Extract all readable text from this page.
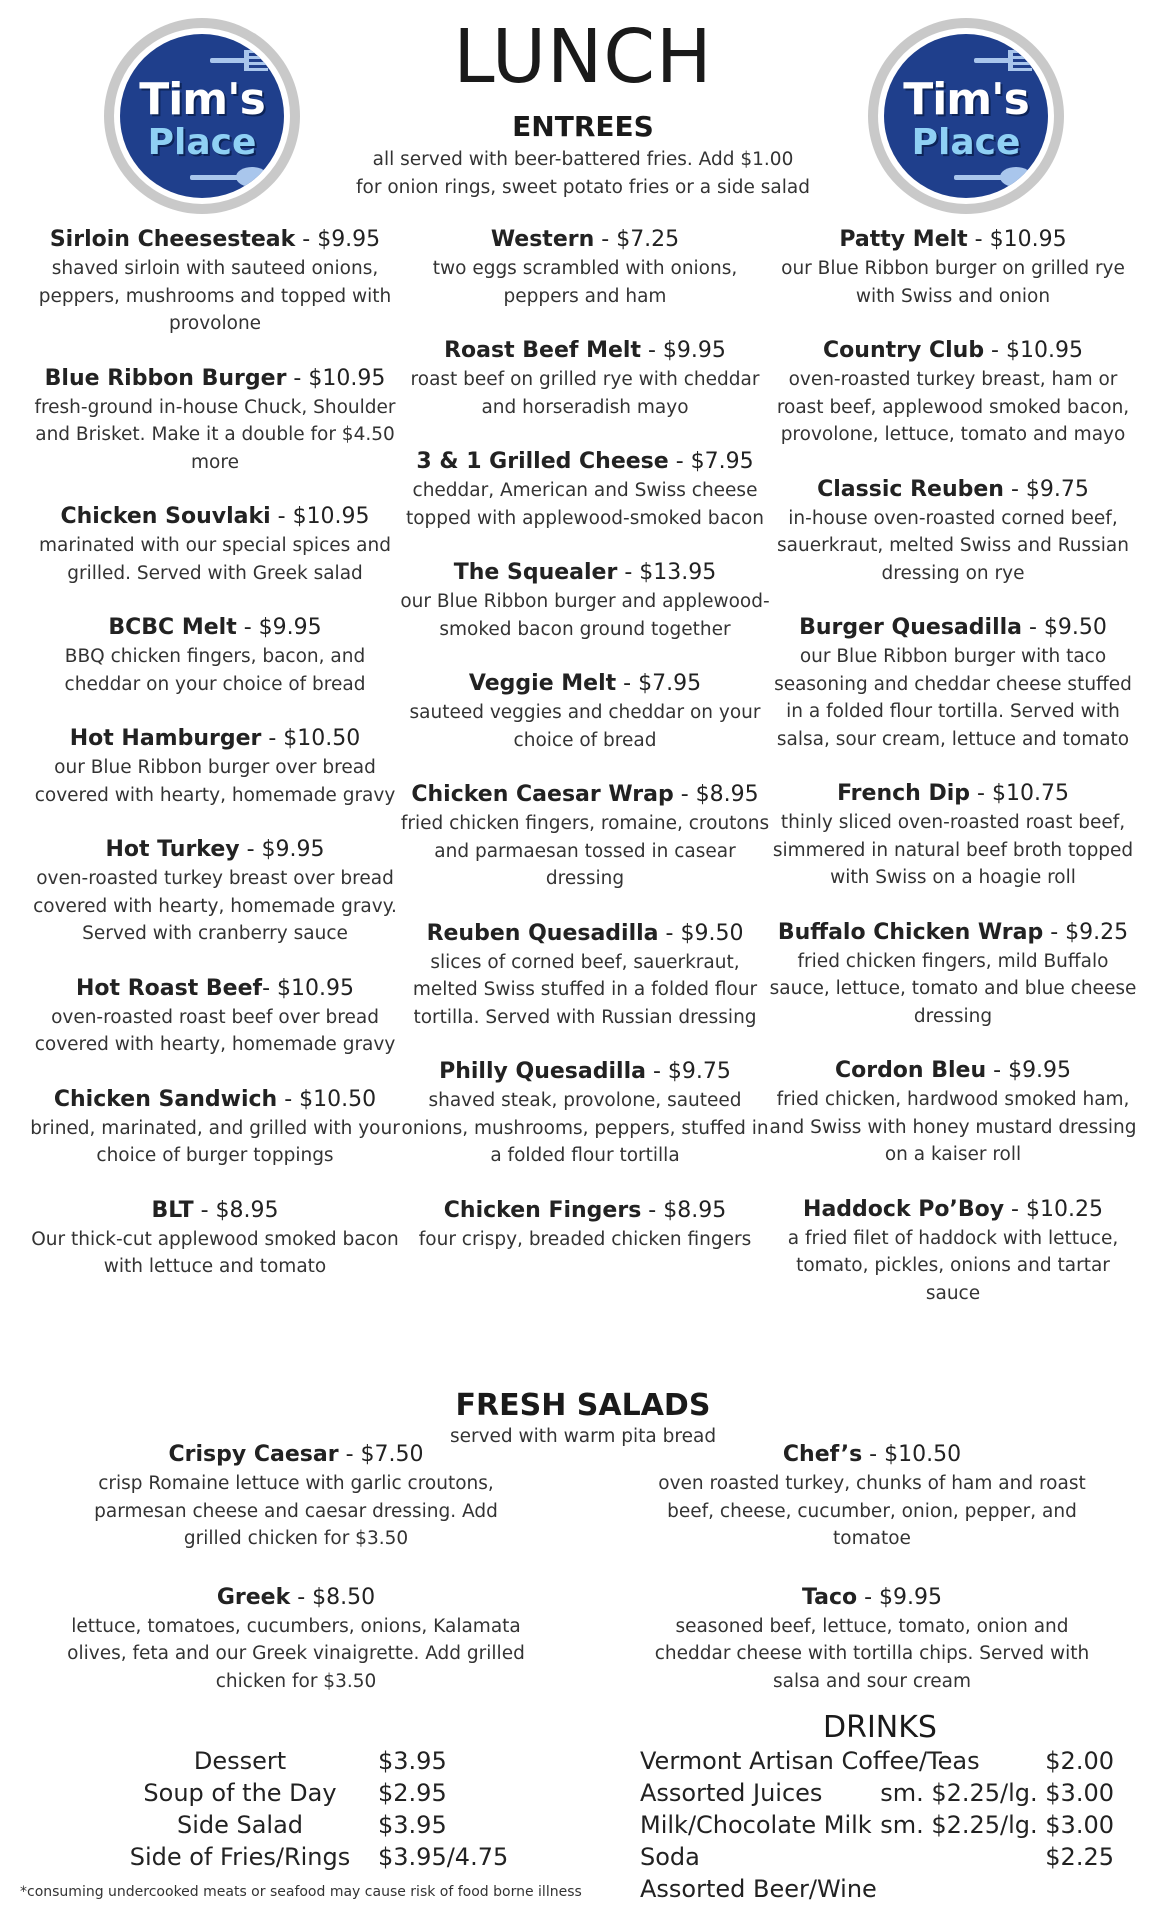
Tim's
Place
Tim's
Place
LUNCH
ENTREES
all served with beer-battered fries. Add $1.00
for onion rings, sweet potato fries or a side salad
Sirloin Cheesesteak - $9.95
shaved sirloin with sauteed onions, peppers, mushrooms and topped with provolone
Blue Ribbon Burger - $10.95
fresh-ground in-house Chuck, Shoulder and Brisket. Make it a double for $4.50 more
Chicken Souvlaki - $10.95
marinated with our special spices and grilled. Served with Greek salad
BCBC Melt - $9.95
BBQ chicken fingers, bacon, and cheddar on your choice of bread
Hot Hamburger - $10.50
our Blue Ribbon burger over bread covered with hearty, homemade gravy
Hot Turkey - $9.95
oven-roasted turkey breast over bread covered with hearty, homemade gravy. Served with cranberry sauce
Hot Roast Beef- $10.95
oven-roasted roast beef over bread covered with hearty, homemade gravy
Chicken Sandwich - $10.50
brined, marinated, and grilled with your choice of burger toppings
BLT - $8.95
Our thick-cut applewood smoked bacon with lettuce and tomato
Western - $7.25
two eggs scrambled with onions, peppers and ham
Roast Beef Melt - $9.95
roast beef on grilled rye with cheddar and horseradish mayo
3 & 1 Grilled Cheese - $7.95
cheddar, American and Swiss cheese topped with applewood-smoked bacon
The Squealer - $13.95
our Blue Ribbon burger and applewood-smoked bacon ground together
Veggie Melt - $7.95
sauteed veggies and cheddar on your choice of bread
Chicken Caesar Wrap - $8.95
fried chicken fingers, romaine, croutons and parmaesan tossed in casear dressing
Reuben Quesadilla - $9.50
slices of corned beef, sauerkraut, melted Swiss stuffed in a folded flour tortilla. Served with Russian dressing
Philly Quesadilla - $9.75
shaved steak, provolone, sauteed onions, mushrooms, peppers, stuffed in a folded flour tortilla
Chicken Fingers - $8.95
four crispy, breaded chicken fingers
Patty Melt - $10.95
our Blue Ribbon burger on grilled rye with Swiss and onion
Country Club - $10.95
oven-roasted turkey breast, ham or roast beef, applewood smoked bacon, provolone, lettuce, tomato and mayo
Classic Reuben - $9.75
in-house oven-roasted corned beef, sauerkraut, melted Swiss and Russian dressing on rye
Burger Quesadilla - $9.50
our Blue Ribbon burger with taco seasoning and cheddar cheese stuffed in a folded flour tortilla. Served with salsa, sour cream, lettuce and tomato
French Dip - $10.75
thinly sliced oven-roasted roast beef, simmered in natural beef broth topped with Swiss on a hoagie roll
Buffalo Chicken Wrap - $9.25
fried chicken fingers, mild Buffalo sauce, lettuce, tomato and blue cheese dressing
Cordon Bleu - $9.95
fried chicken, hardwood smoked ham, and Swiss with honey mustard dressing on a kaiser roll
Haddock Po’Boy - $10.25
a fried filet of haddock with lettuce, tomato, pickles, onions and tartar sauce
FRESH SALADS
served with warm pita bread
Crispy Caesar - $7.50
crisp Romaine lettuce with garlic croutons, parmesan cheese and caesar dressing. Add grilled chicken for $3.50
Greek - $8.50
lettuce, tomatoes, cucumbers, onions, Kalamata olives, feta and our Greek vinaigrette. Add grilled chicken for $3.50
Chef’s - $10.50
oven roasted turkey, chunks of ham and roast beef, cheese, cucumber, onion, pepper, and tomatoe
Taco - $9.95
seasoned beef, lettuce, tomato, onion and cheddar cheese with tortilla chips. Served with salsa and sour cream
Dessert	$3.95
Soup of the Day	$2.95
Side Salad	$3.95
Side of Fries/Rings	$3.95/4.75
DRINKS
Vermont Artisan Coffee/Teas	$2.00
Assorted Juices sm. $2.25/lg. $3.00
Milk/Chocolate Milk sm. $2.25/lg. $3.00
Soda	$2.25
Assorted Beer/Wine
*consuming undercooked meats or seafood may cause risk of food borne illness
